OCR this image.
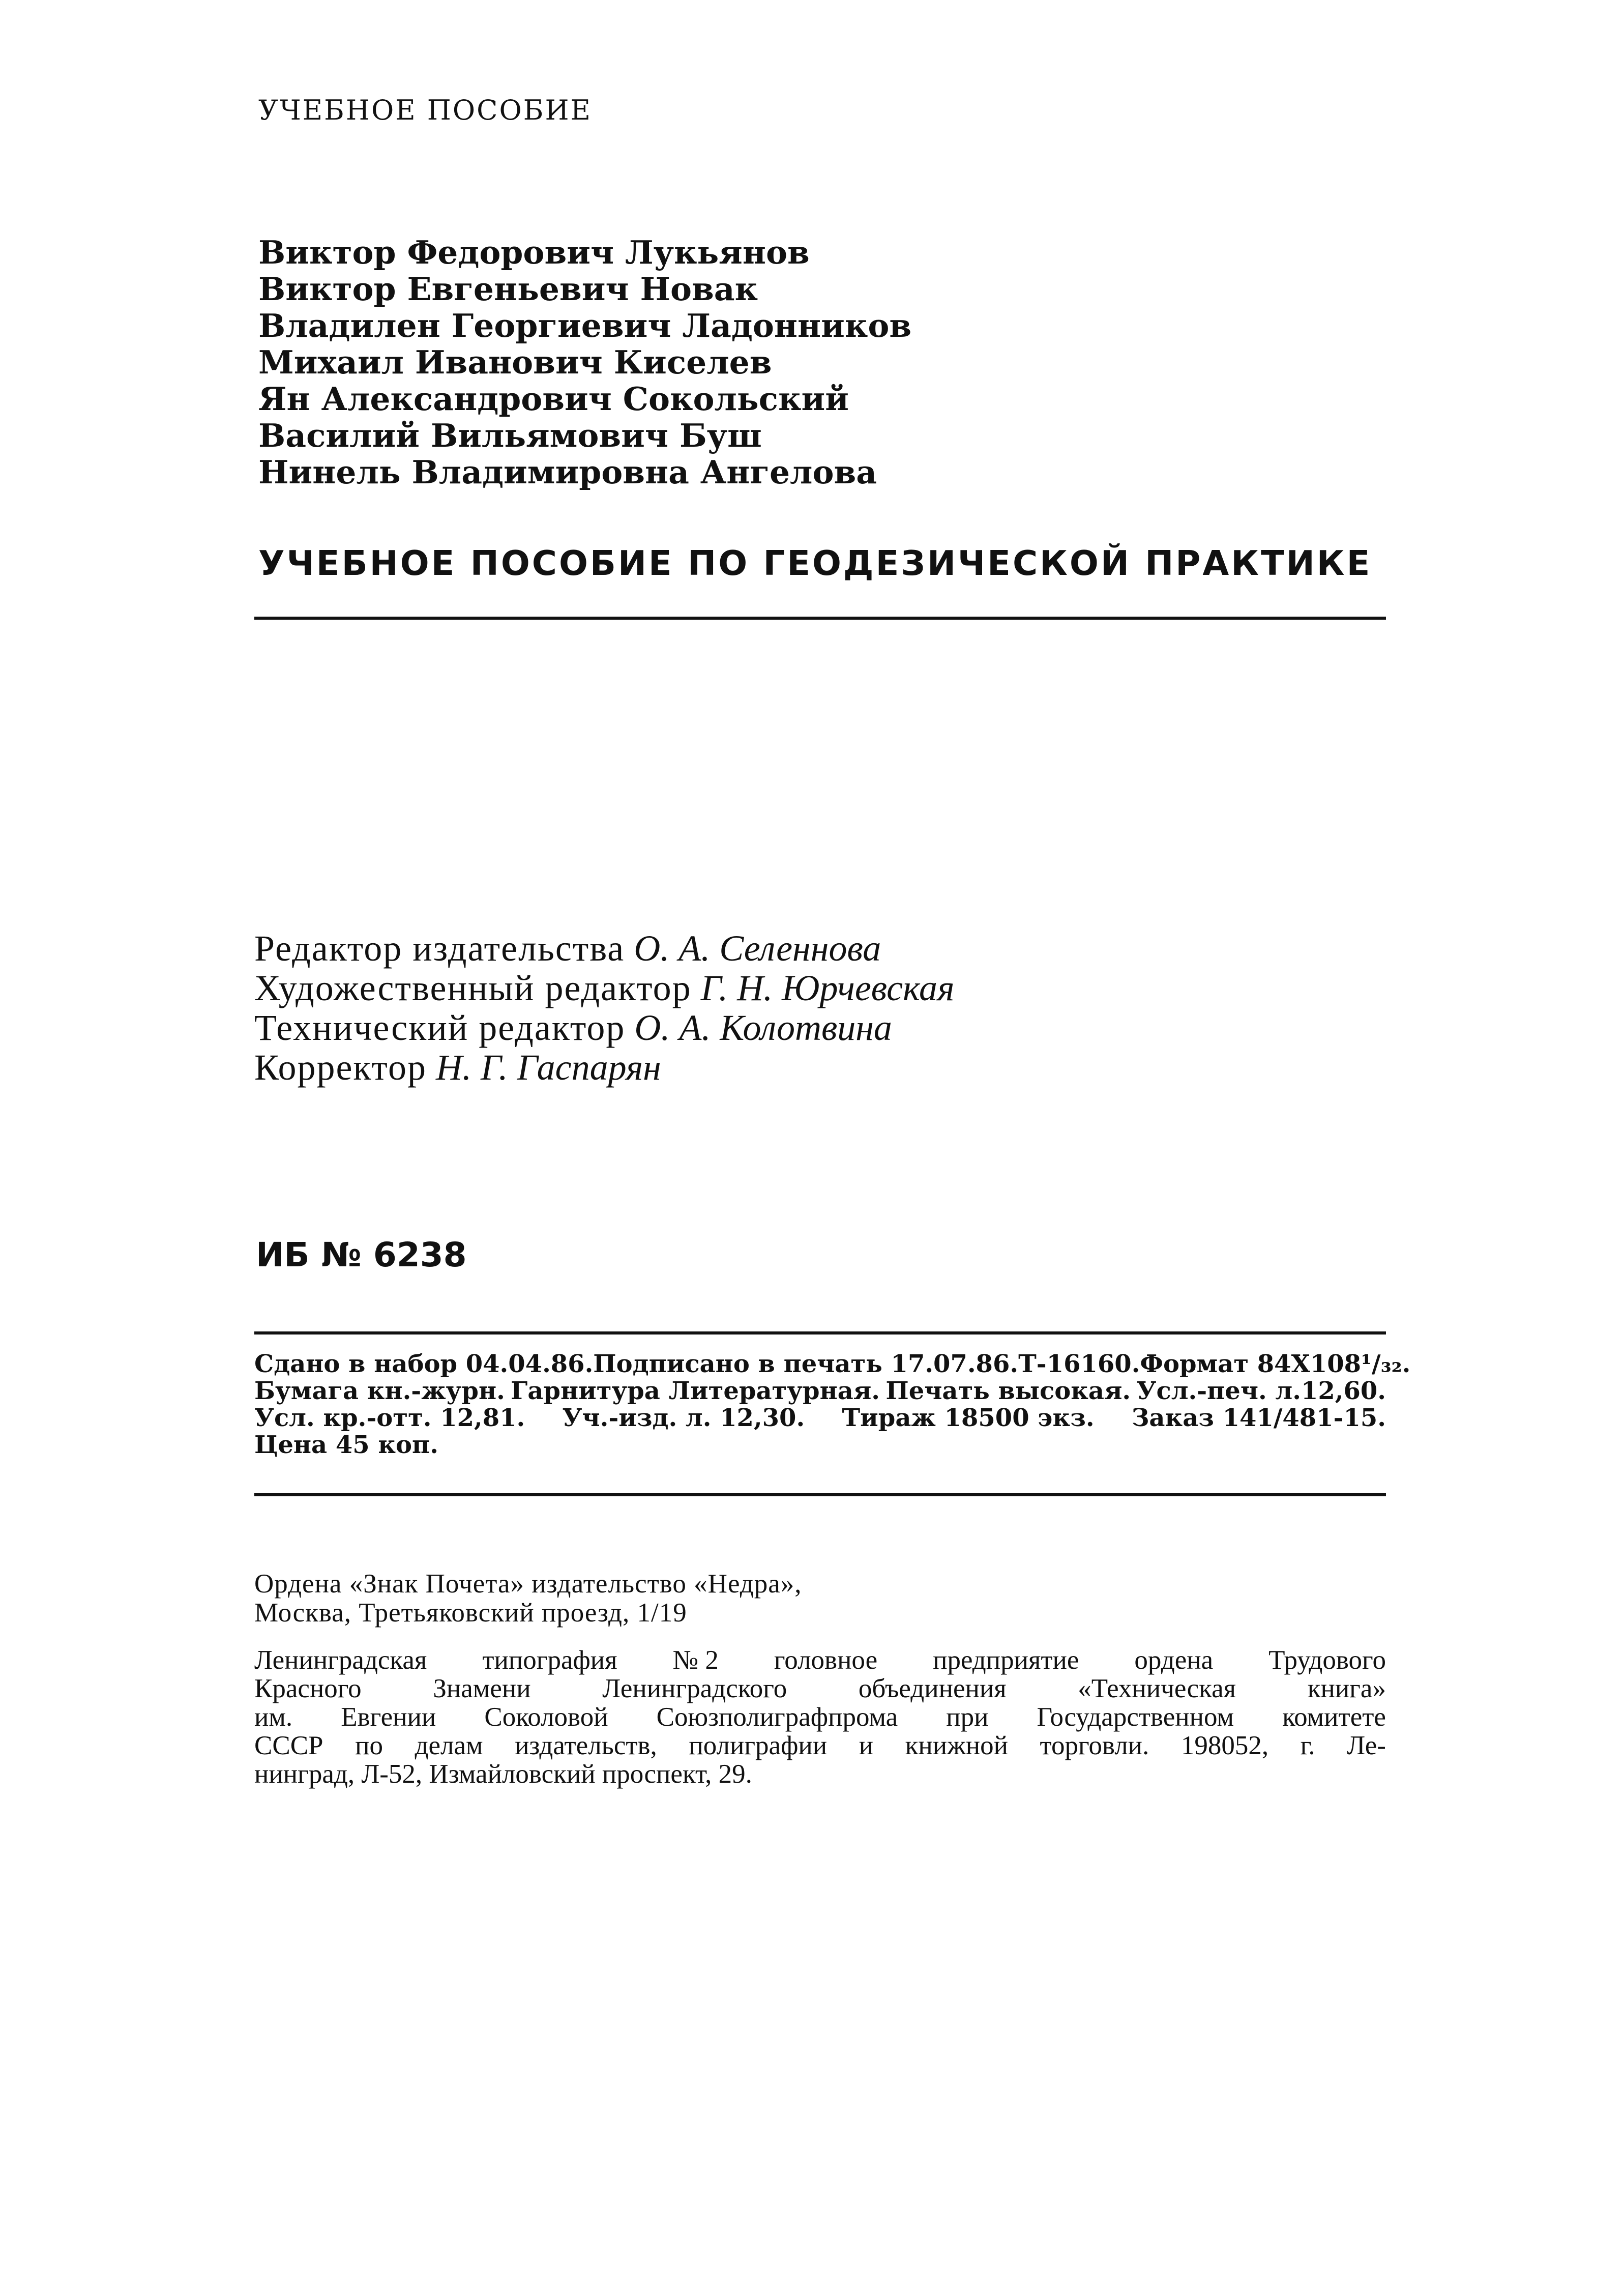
УЧЕБНОЕ ПОСОБИЕ
Виктор Федорович Лукьянов
Виктор Евгеньевич Новак
Владилен Георгиевич Ладонников
Михаил Иванович Киселев
Ян Александрович Сокольский
Василий Вильямович Буш
Нинель Владимировна Ангелова
УЧЕБНОЕ ПОСОБИЕ ПО ГЕОДЕЗИЧЕСКОЙ ПРАКТИКЕ
Редактор издательства О. А. Селеннова
Художественный редактор Г. Н. Юрчевская
Технический редактор О. А. Колотвина
Корректор Н. Г. Гаспарян
ИБ № 6238
Сдано в набор 04.04.86. Подписано в печать 17.07.86. Т-16160. Формат 84Х108¹/₃₂.
Бумага кн.-журн. Гарнитура Литературная. Печать высокая. Усл.-печ. л.12,60.
Усл. кр.-отт. 12,81. Уч.-изд. л. 12,30. Тираж 18500 экз. Заказ 141/481-15.
Цена 45 коп.
Ордена «Знак Почета» издательство «Недра»,
Москва, Третьяковский проезд, 1/19
Ленинградская типография № 2 головное предприятие ордена Трудового
Красного	Знамени	Ленинградского	объединения	«Техническая	книга»
им. Евгении Соколовой Союзполиграфпрома при Государственном комитете
СССР по делам издательств, полиграфии и книжной торговли. 198052, г. Ле-
нинград, Л-52, Измайловский проспект, 29.
